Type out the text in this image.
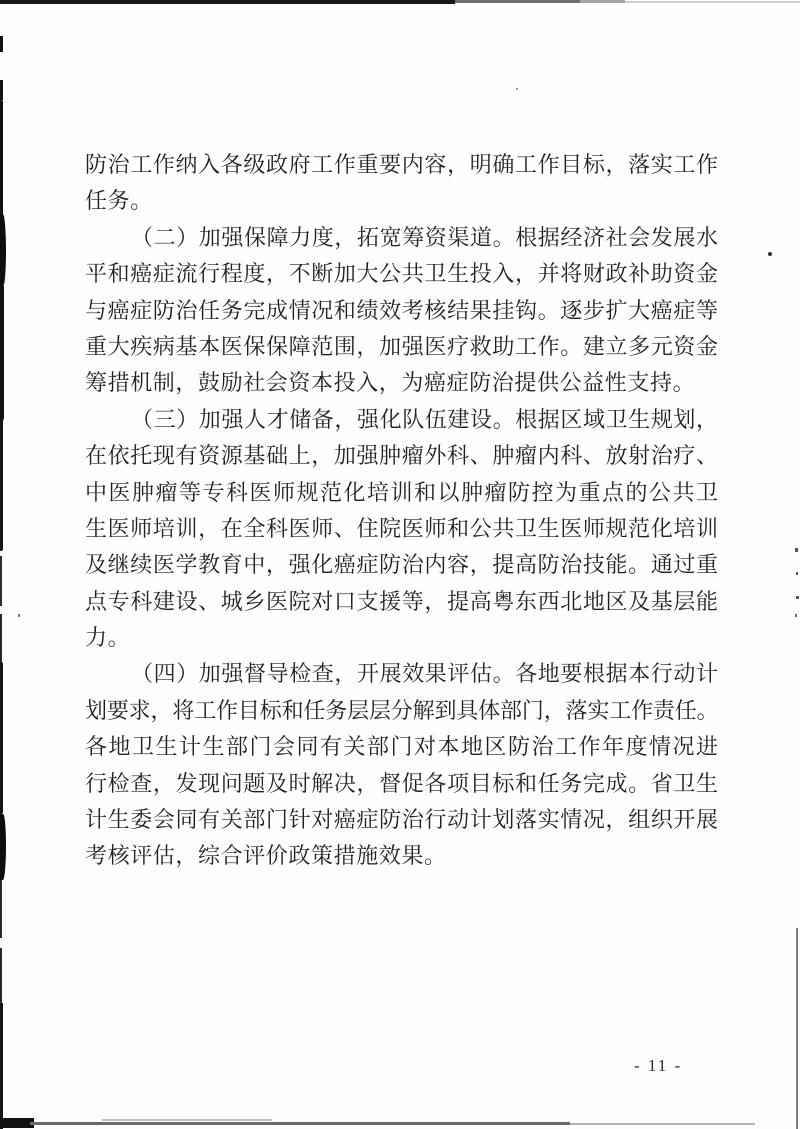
防治工作纳入各级政府工作重要内容，明确工作目标，落实工作
任务。
（二）加强保障力度，拓宽筹资渠道。根据经济社会发展水
平和癌症流行程度，不断加大公共卫生投入，并将财政补助资金
与癌症防治任务完成情况和绩效考核结果挂钩。逐步扩大癌症等
重大疾病基本医保保障范围，加强医疗救助工作。建立多元资金
筹措机制，鼓励社会资本投入，为癌症防治提供公益性支持。
（三）加强人才储备，强化队伍建设。根据区域卫生规划，
在依托现有资源基础上，加强肿瘤外科、肿瘤内科、放射治疗、
中医肿瘤等专科医师规范化培训和以肿瘤防控为重点的公共卫
生医师培训，在全科医师、住院医师和公共卫生医师规范化培训
及继续医学教育中，强化癌症防治内容，提高防治技能。通过重
点专科建设、城乡医院对口支援等，提高粤东西北地区及基层能
力。
（四）加强督导检查，开展效果评估。各地要根据本行动计
划要求，将工作目标和任务层层分解到具体部门，落实工作责任。
各地卫生计生部门会同有关部门对本地区防治工作年度情况进
行检查，发现问题及时解决，督促各项目标和任务完成。省卫生
计生委会同有关部门针对癌症防治行动计划落实情况，组织开展
考核评估，综合评价政策措施效果。
- 11 -
